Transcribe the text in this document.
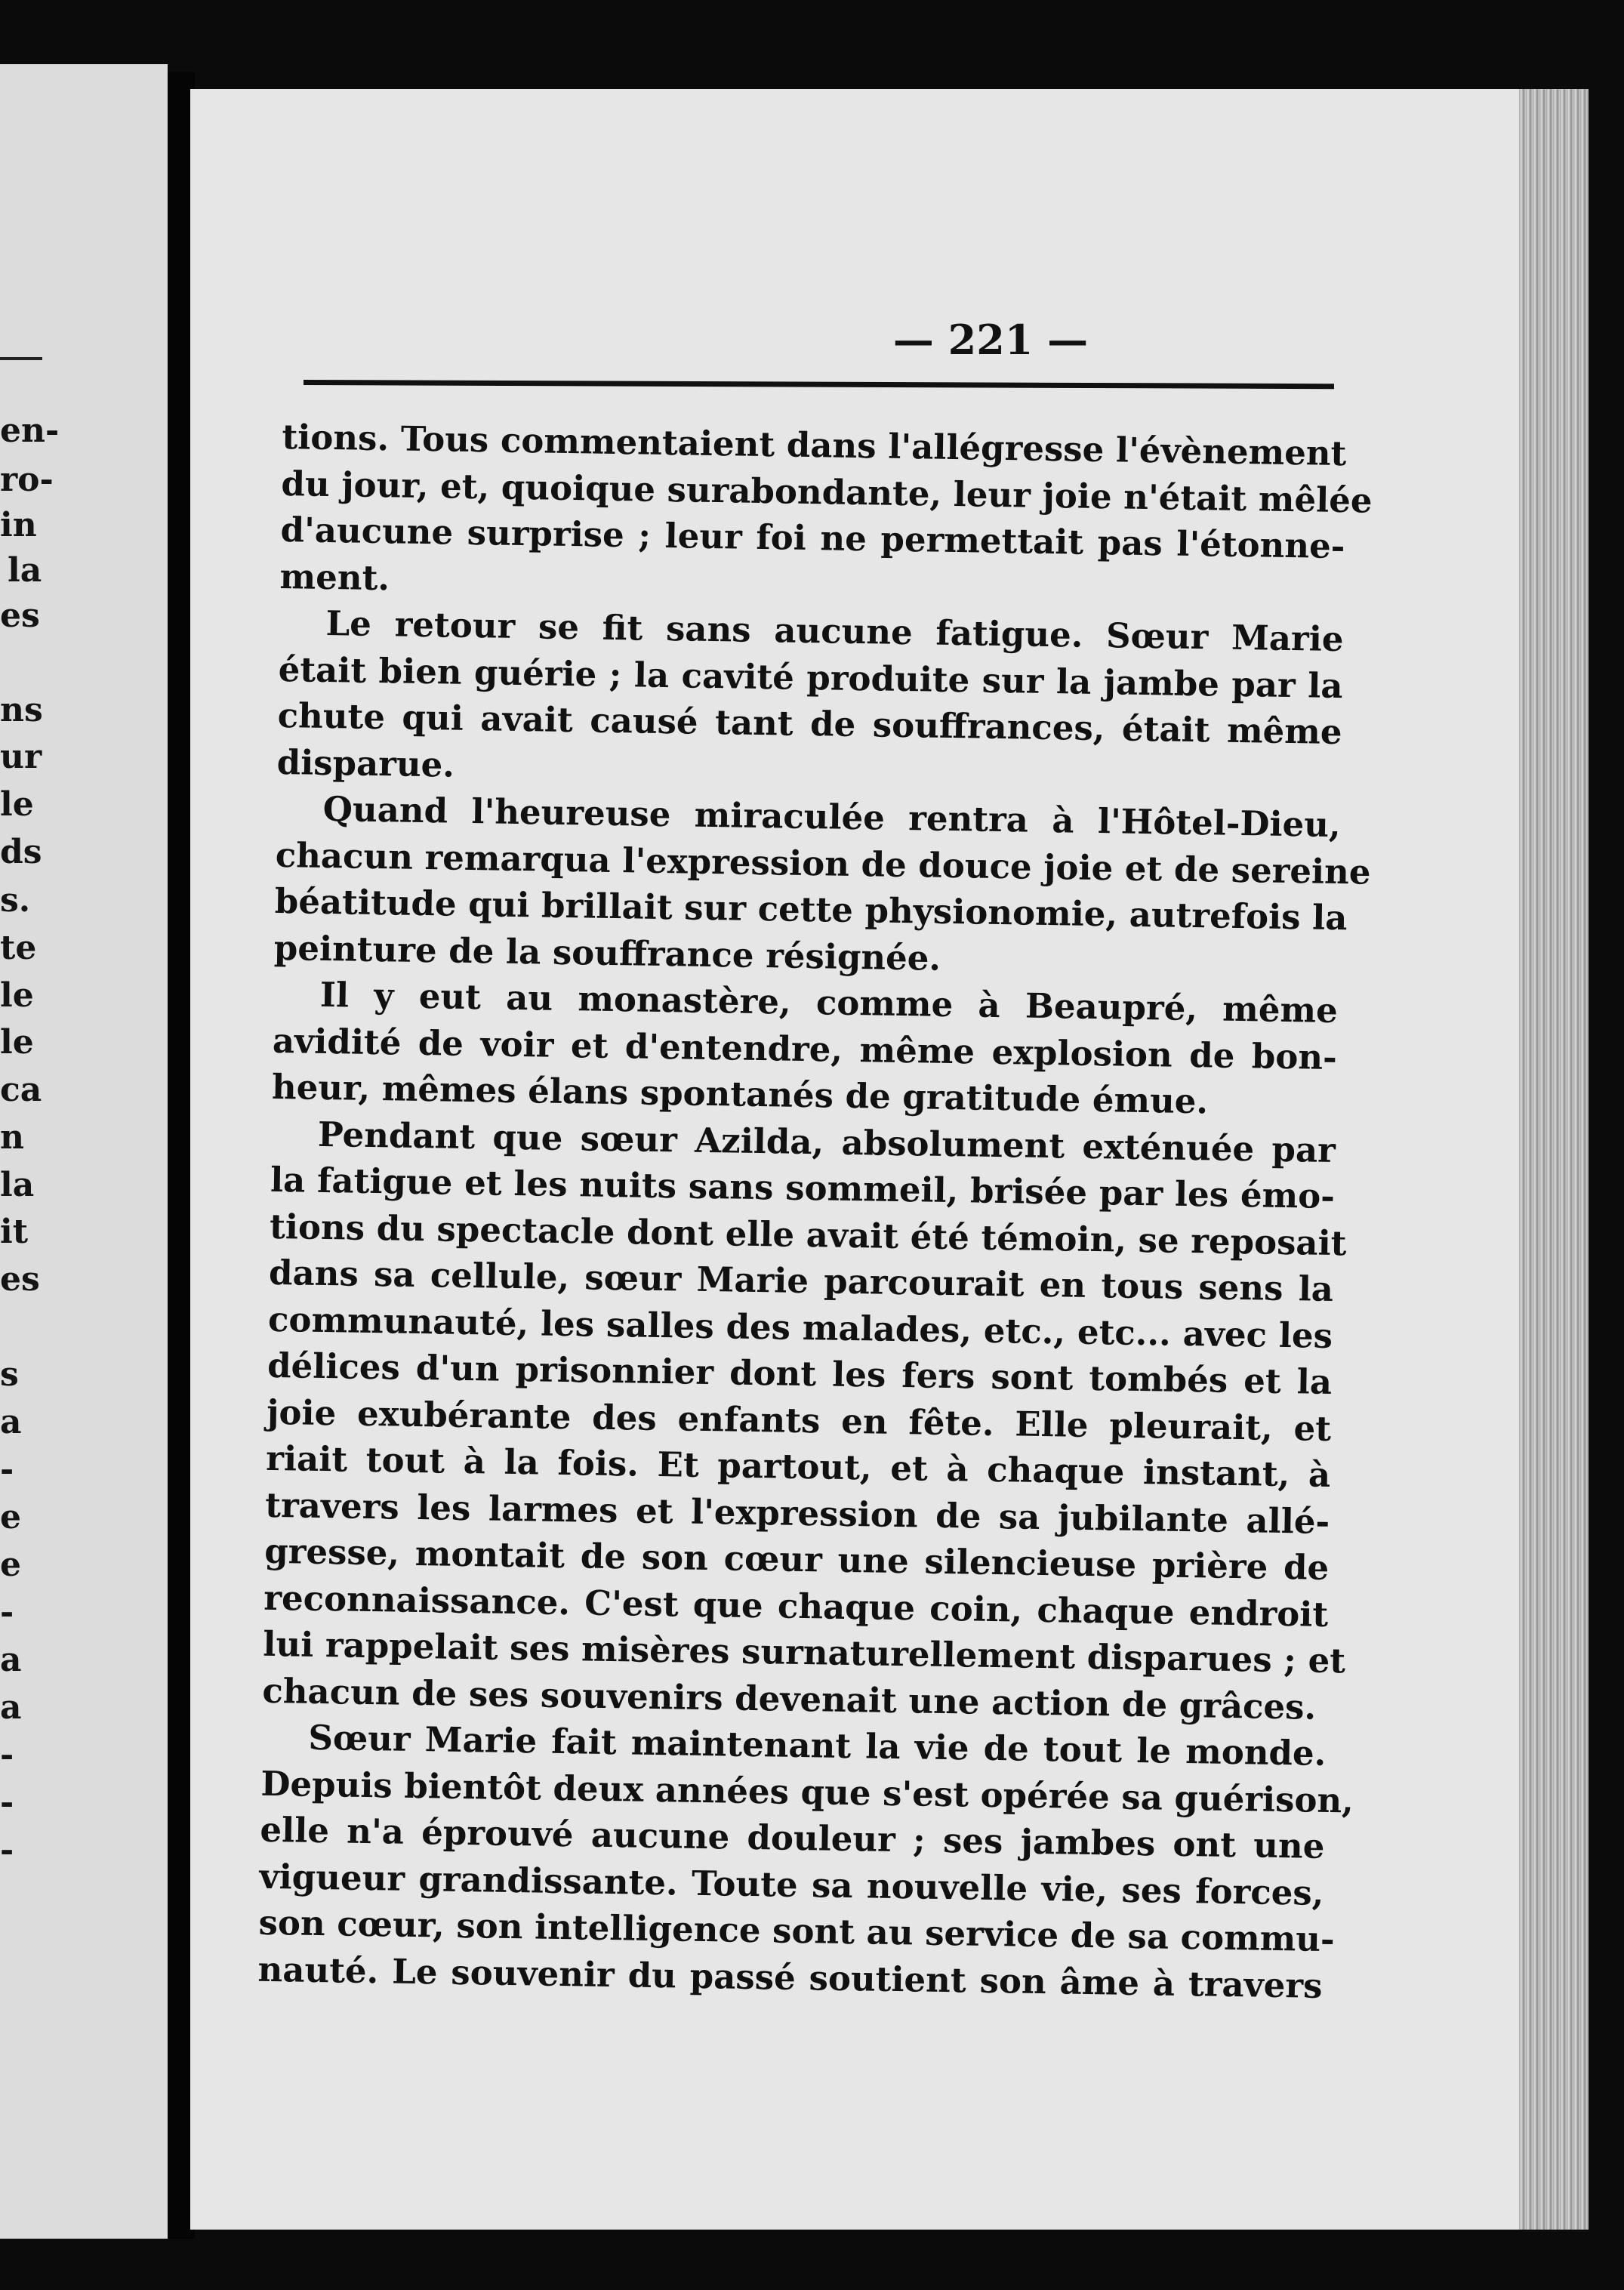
en-
ro-
in
la
es
ns
ur
le
ds
s.
te
le
le
ca
n
la
it
es
s
a
-
e
e
-
a
a
-
-
-
— 221 —
tions. Tous commentaient dans l'allégresse l'évènement
du jour, et, quoique surabondante, leur joie n'était mêlée
d'aucune surprise ; leur foi ne permettait pas l'étonne-
ment.
Le retour se fit sans aucune fatigue. Sœur Marie
était bien guérie ; la cavité produite sur la jambe par la
chute qui avait causé tant de souffrances, était même
disparue.
Quand l'heureuse miraculée rentra à l'Hôtel-Dieu,
chacun remarqua l'expression de douce joie et de sereine
béatitude qui brillait sur cette physionomie, autrefois la
peinture de la souffrance résignée.
Il y eut au monastère, comme à Beaupré, même
avidité de voir et d'entendre, même explosion de bon-
heur, mêmes élans spontanés de gratitude émue.
Pendant que sœur Azilda, absolument exténuée par
la fatigue et les nuits sans sommeil, brisée par les émo-
tions du spectacle dont elle avait été témoin, se reposait
dans sa cellule, sœur Marie parcourait en tous sens la
communauté, les salles des malades, etc., etc... avec les
délices d'un prisonnier dont les fers sont tombés et la
joie exubérante des enfants en fête. Elle pleurait, et
riait tout à la fois. Et partout, et à chaque instant, à
travers les larmes et l'expression de sa jubilante allé-
gresse, montait de son cœur une silencieuse prière de
reconnaissance. C'est que chaque coin, chaque endroit
lui rappelait ses misères surnaturellement disparues ; et
chacun de ses souvenirs devenait une action de grâces.
Sœur Marie fait maintenant la vie de tout le monde.
Depuis bientôt deux années que s'est opérée sa guérison,
elle n'a éprouvé aucune douleur ; ses jambes ont une
vigueur grandissante. Toute sa nouvelle vie, ses forces,
son cœur, son intelligence sont au service de sa commu-
nauté. Le souvenir du passé soutient son âme à travers
